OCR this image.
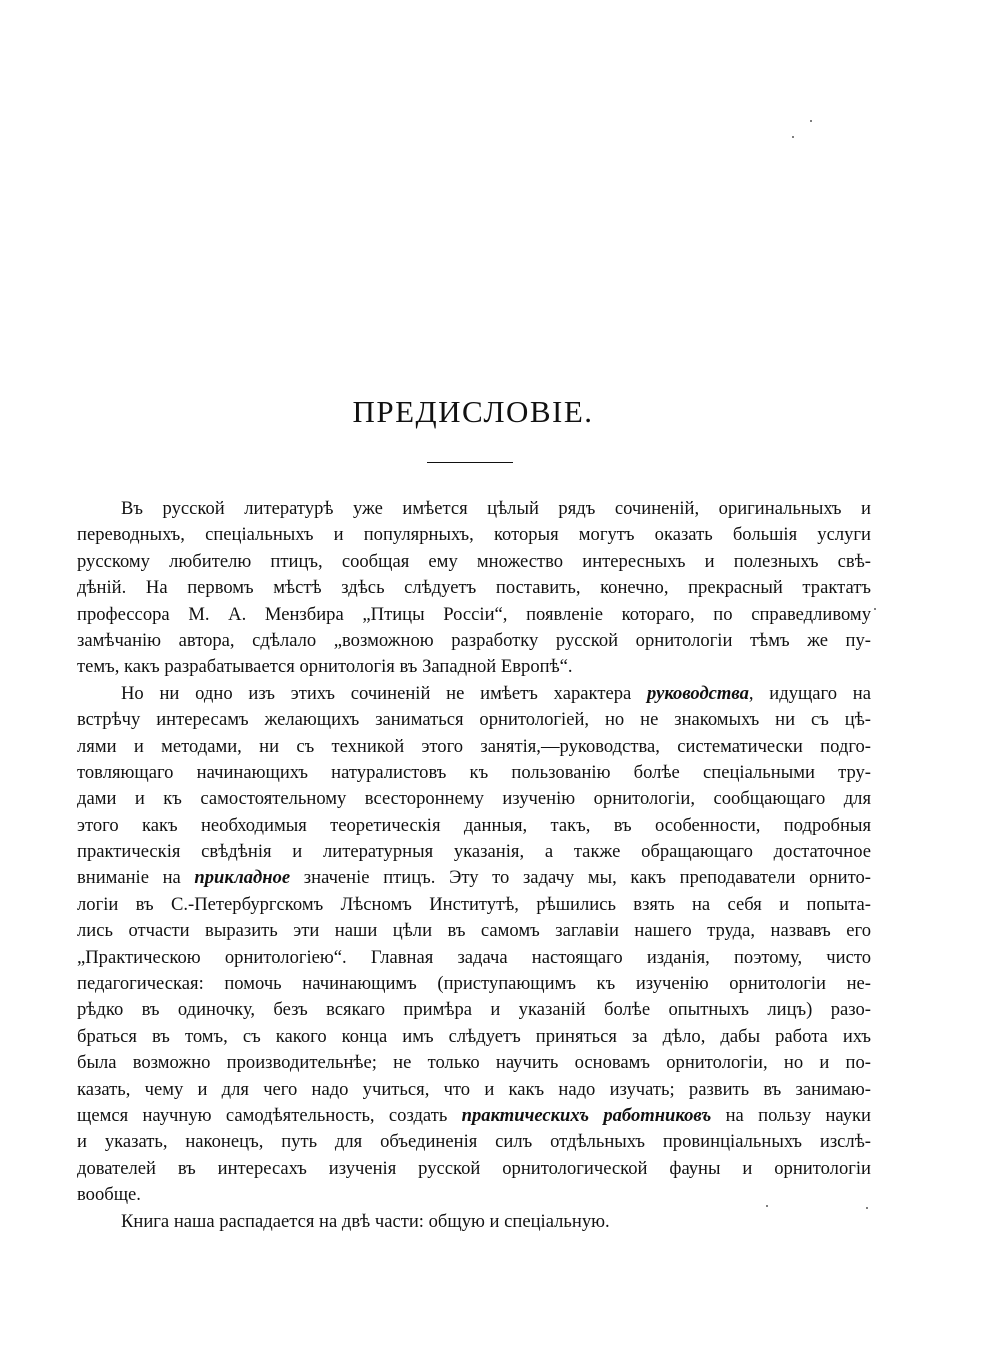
ПРЕДИСЛОВІЕ.
Въ русской литературѣ уже имѣется цѣлый рядъ сочиненій, оригинальныхъ и
переводныхъ, спеціальныхъ и популярныхъ, которыя могутъ оказать большія услуги
русскому любителю птицъ, сообщая ему множество интересныхъ и полезныхъ свѣ-
дѣній. На первомъ мѣстѣ здѣсь слѣдуетъ поставить, конечно, прекрасный трактатъ
профессора М. А. Мензбира „Птицы Россіи“, появленіе котораго, по справедливому
замѣчанію автора, сдѣлало „возможною разработку русской орнитологіи тѣмъ же пу-
темъ, какъ разрабатывается орнитологія въ Западной Европѣ“.
Но ни одно изъ этихъ сочиненій не имѣетъ характера руководства, идущаго на
встрѣчу интересамъ желающихъ заниматься орнитологіей, но не знакомыхъ ни съ цѣ-
лями и методами, ни съ техникой этого занятія,—руководства, систематически подго-
товляющаго начинающихъ натуралистовъ къ пользованію болѣе спеціальными тру-
дами и къ самостоятельному всестороннему изученію орнитологіи, сообщающаго для
этого какъ необходимыя теоретическія данныя, такъ, въ особенности, подробныя
практическія свѣдѣнія и литературныя указанія, а также обращающаго достаточное
вниманіе на прикладное значеніе птицъ. Эту то задачу мы, какъ преподаватели орнито-
логіи въ С.-Петербургскомъ Лѣсномъ Институтѣ, рѣшились взять на себя и попыта-
лись отчасти выразить эти наши цѣли въ самомъ заглавіи нашего труда, назвавъ его
„Практическою орнитологіею“. Главная задача настоящаго изданія, поэтому, чисто
педагогическая: помочь начинающимъ (приступающимъ къ изученію орнитологіи не-
рѣдко въ одиночку, безъ всякаго примѣра и указаній болѣе опытныхъ лицъ) разо-
браться въ томъ, съ какого конца имъ слѣдуетъ приняться за дѣло, дабы работа ихъ
была возможно производительнѣе; не только научить основамъ орнитологіи, но и по-
казать, чему и для чего надо учиться, что и какъ надо изучать; развить въ занимаю-
щемся научную самодѣятельность, создать практическихъ работниковъ на пользу науки
и указать, наконецъ, путь для объединенія силъ отдѣльныхъ провинціальныхъ изслѣ-
дователей въ интересахъ изученія русской орнитологической фауны и орнитологіи
вообще.
Книга наша распадается на двѣ части: общую и спеціальную.
